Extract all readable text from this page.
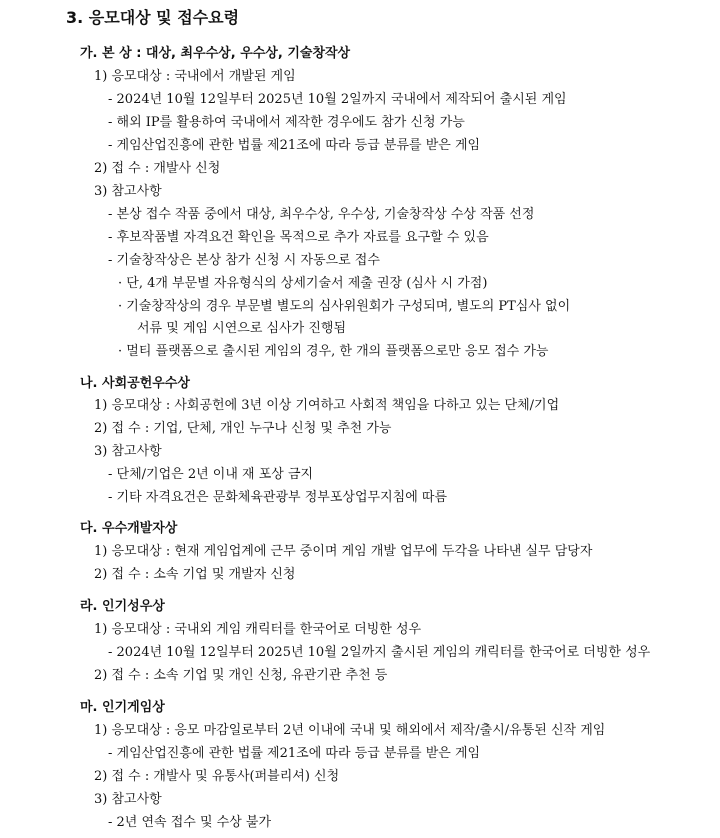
3. 응모대상 및 접수요령
가. 본 상 : 대상, 최우수상, 우수상, 기술창작상
1) 응모대상 : 국내에서 개발된 게임
- 2024년 10월 12일부터 2025년 10월 2일까지 국내에서 제작되어 출시된 게임
- 해외 IP를 활용하여 국내에서 제작한 경우에도 참가 신청 가능
- 게임산업진흥에 관한 법률 제21조에 따라 등급 분류를 받은 게임
2) 접 수 : 개발사 신청
3) 참고사항
- 본상 접수 작품 중에서 대상, 최우수상, 우수상, 기술창작상 수상 작품 선정
- 후보작품별 자격요건 확인을 목적으로 추가 자료를 요구할 수 있음
- 기술창작상은 본상 참가 신청 시 자동으로 접수
· 단, 4개 부문별 자유형식의 상세기술서 제출 권장 (심사 시 가점)
· 기술창작상의 경우 부문별 별도의 심사위원회가 구성되며, 별도의 PT심사 없이
서류 및 게임 시연으로 심사가 진행됨
· 멀티 플랫폼으로 출시된 게임의 경우, 한 개의 플랫폼으로만 응모 접수 가능
나. 사회공헌우수상
1) 응모대상 : 사회공헌에 3년 이상 기여하고 사회적 책임을 다하고 있는 단체/기업
2) 접 수 : 기업, 단체, 개인 누구나 신청 및 추천 가능
3) 참고사항
- 단체/기업은 2년 이내 재 포상 금지
- 기타 자격요건은 문화체육관광부 정부포상업무지침에 따름
다. 우수개발자상
1) 응모대상 : 현재 게임업계에 근무 중이며 게임 개발 업무에 두각을 나타낸 실무 담당자
2) 접 수 : 소속 기업 및 개발자 신청
라. 인기성우상
1) 응모대상 : 국내외 게임 캐릭터를 한국어로 더빙한 성우
- 2024년 10월 12일부터 2025년 10월 2일까지 출시된 게임의 캐릭터를 한국어로 더빙한 성우
2) 접 수 : 소속 기업 및 개인 신청, 유관기관 추천 등
마. 인기게임상
1) 응모대상 : 응모 마감일로부터 2년 이내에 국내 및 해외에서 제작/출시/유통된 신작 게임
- 게임산업진흥에 관한 법률 제21조에 따라 등급 분류를 받은 게임
2) 접 수 : 개발사 및 유통사(퍼블리셔) 신청
3) 참고사항
- 2년 연속 접수 및 수상 불가
